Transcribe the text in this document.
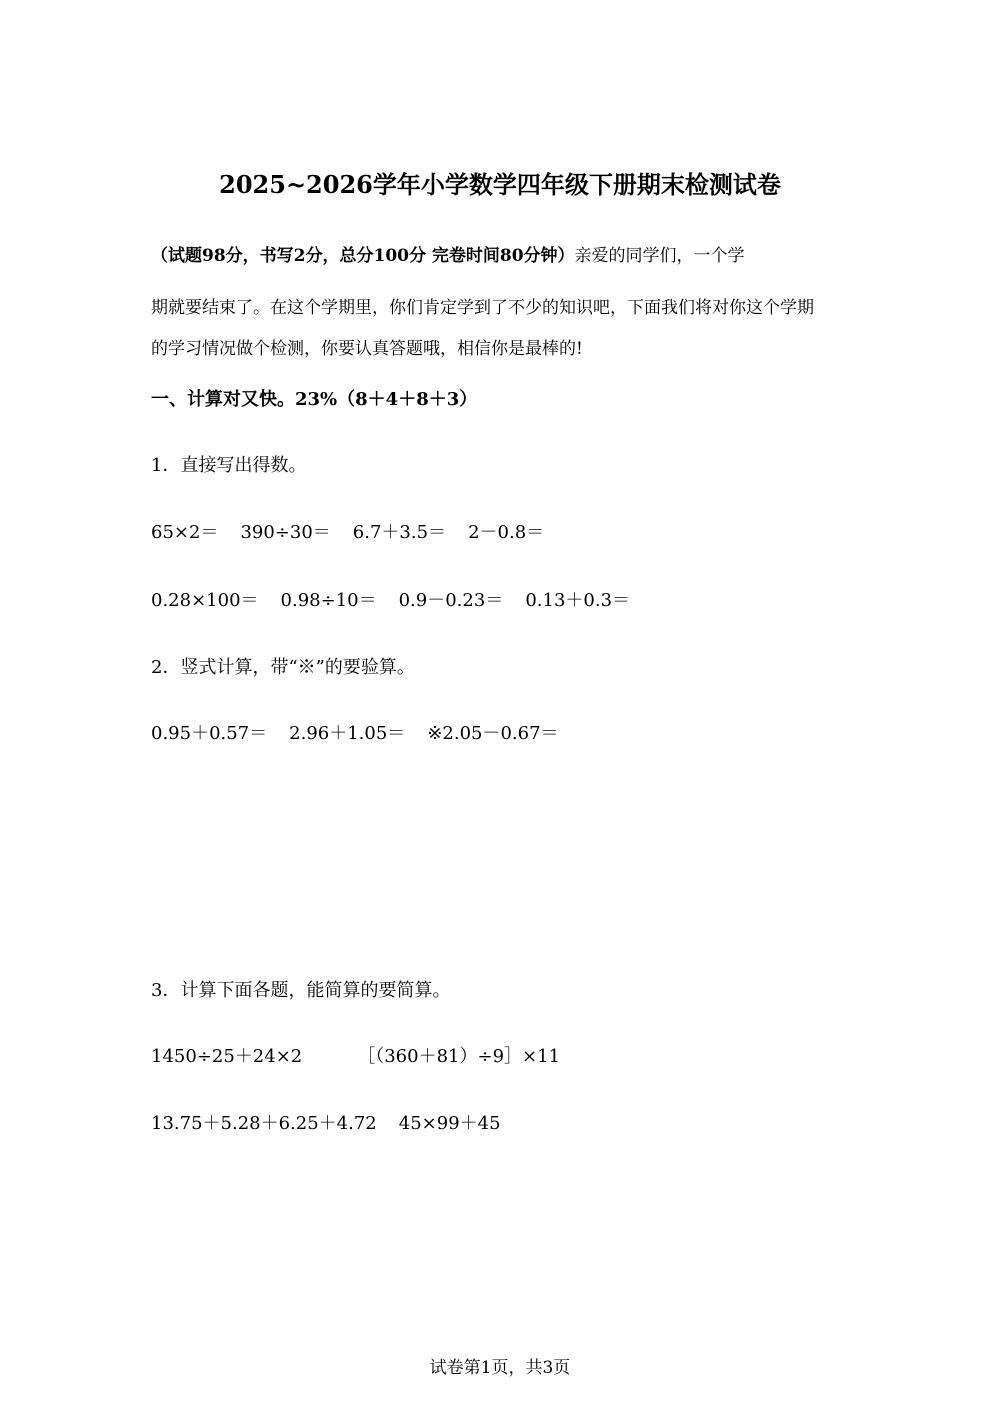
2025~2026学年小学数学四年级下册期末检测试卷
（试题98分，书写2分，总分100分 完卷时间80分钟）亲爱的同学们，一个学
期就要结束了。在这个学期里，你们肯定学到了不少的知识吧，下面我们将对你这个学期
的学习情况做个检测，你要认真答题哦，相信你是最棒的!
一、计算对又快。23%（8＋4＋8＋3）
1．直接写出得数。
65×2＝ 390÷30＝ 6.7＋3.5＝ 2－0.8＝
0.28×100＝ 0.98÷10＝ 0.9－0.23＝ 0.13＋0.3＝
2．竖式计算，带“※”的要验算。
0.95＋0.57＝ 2.96＋1.05＝ ※2.05－0.67＝
3．计算下面各题，能简算的要简算。
1450÷25＋24×2	［（360＋81）÷9］×11
13.75＋5.28＋6.25＋4.72 45×99＋45
试卷第1页，共3页
